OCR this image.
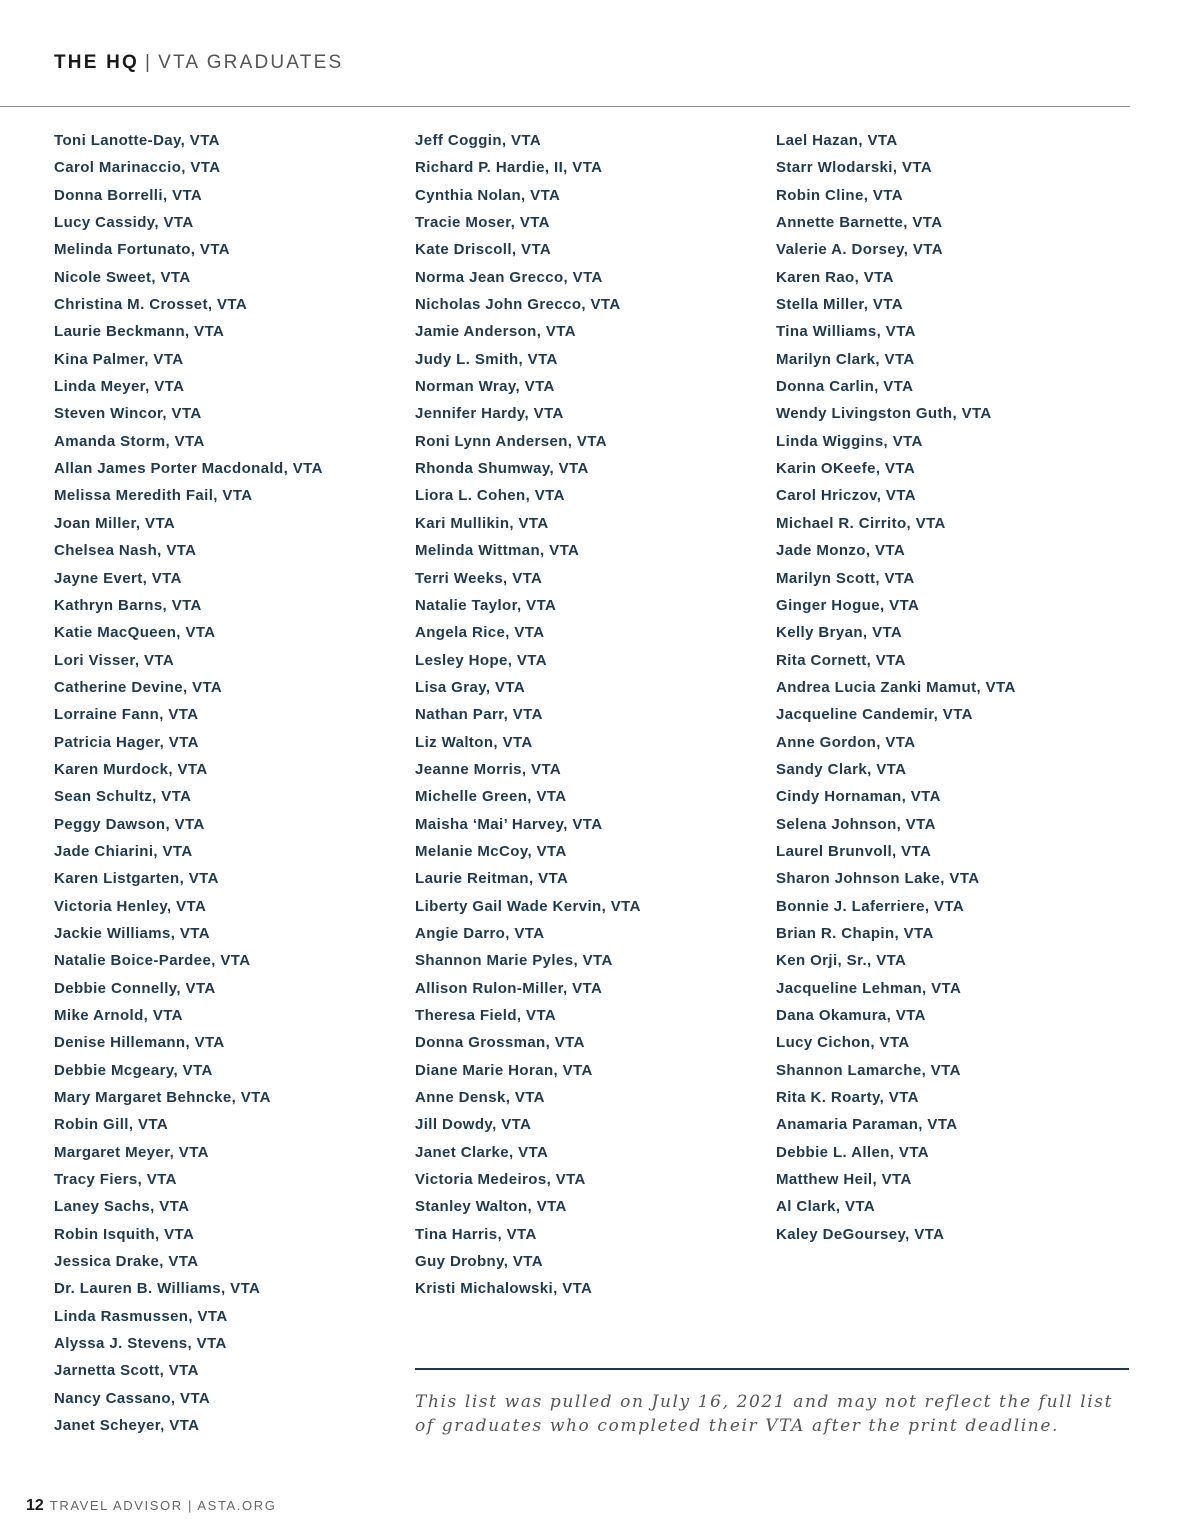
THE HQ | VTA GRADUATES
Toni Lanotte-Day, VTA
Carol Marinaccio, VTA
Donna Borrelli, VTA
Lucy Cassidy, VTA
Melinda Fortunato, VTA
Nicole Sweet, VTA
Christina M. Crosset, VTA
Laurie Beckmann, VTA
Kina Palmer, VTA
Linda Meyer, VTA
Steven Wincor, VTA
Amanda Storm, VTA
Allan James Porter Macdonald, VTA
Melissa Meredith Fail, VTA
Joan Miller, VTA
Chelsea Nash, VTA
Jayne Evert, VTA
Kathryn Barns, VTA
Katie MacQueen, VTA
Lori Visser, VTA
Catherine Devine, VTA
Lorraine Fann, VTA
Patricia Hager, VTA
Karen Murdock, VTA
Sean Schultz, VTA
Peggy Dawson, VTA
Jade Chiarini, VTA
Karen Listgarten, VTA
Victoria Henley, VTA
Jackie Williams, VTA
Natalie Boice-Pardee, VTA
Debbie Connelly, VTA
Mike Arnold, VTA
Denise Hillemann, VTA
Debbie Mcgeary, VTA
Mary Margaret Behncke, VTA
Robin Gill, VTA
Margaret Meyer, VTA
Tracy Fiers, VTA
Laney Sachs, VTA
Robin Isquith, VTA
Jessica Drake, VTA
Dr. Lauren B. Williams, VTA
Linda Rasmussen, VTA
Alyssa J. Stevens, VTA
Jarnetta Scott, VTA
Nancy Cassano, VTA
Janet Scheyer, VTA
Jeff Coggin, VTA
Richard P. Hardie, II, VTA
Cynthia Nolan, VTA
Tracie Moser, VTA
Kate Driscoll, VTA
Norma Jean Grecco, VTA
Nicholas John Grecco, VTA
Jamie Anderson, VTA
Judy L. Smith, VTA
Norman Wray, VTA
Jennifer Hardy, VTA
Roni Lynn Andersen, VTA
Rhonda Shumway, VTA
Liora L. Cohen, VTA
Kari Mullikin, VTA
Melinda Wittman, VTA
Terri Weeks, VTA
Natalie Taylor, VTA
Angela Rice, VTA
Lesley Hope, VTA
Lisa Gray, VTA
Nathan Parr, VTA
Liz Walton, VTA
Jeanne Morris, VTA
Michelle Green, VTA
Maisha ‘Mai’ Harvey, VTA
Melanie McCoy, VTA
Laurie Reitman, VTA
Liberty Gail Wade Kervin, VTA
Angie Darro, VTA
Shannon Marie Pyles, VTA
Allison Rulon-Miller, VTA
Theresa Field, VTA
Donna Grossman, VTA
Diane Marie Horan, VTA
Anne Densk, VTA
Jill Dowdy, VTA
Janet Clarke, VTA
Victoria Medeiros, VTA
Stanley Walton, VTA
Tina Harris, VTA
Guy Drobny, VTA
Kristi Michalowski, VTA
Lael Hazan, VTA
Starr Wlodarski, VTA
Robin Cline, VTA
Annette Barnette, VTA
Valerie A. Dorsey, VTA
Karen Rao, VTA
Stella Miller, VTA
Tina Williams, VTA
Marilyn Clark, VTA
Donna Carlin, VTA
Wendy Livingston Guth, VTA
Linda Wiggins, VTA
Karin OKeefe, VTA
Carol Hriczov, VTA
Michael R. Cirrito, VTA
Jade Monzo, VTA
Marilyn Scott, VTA
Ginger Hogue, VTA
Kelly Bryan, VTA
Rita Cornett, VTA
Andrea Lucia Zanki Mamut, VTA
Jacqueline Candemir, VTA
Anne Gordon, VTA
Sandy Clark, VTA
Cindy Hornaman, VTA
Selena Johnson, VTA
Laurel Brunvoll, VTA
Sharon Johnson Lake, VTA
Bonnie J. Laferriere, VTA
Brian R. Chapin, VTA
Ken Orji, Sr., VTA
Jacqueline Lehman, VTA
Dana Okamura, VTA
Lucy Cichon, VTA
Shannon Lamarche, VTA
Rita K. Roarty, VTA
Anamaria Paraman, VTA
Debbie L. Allen, VTA
Matthew Heil, VTA
Al Clark, VTA
Kaley DeGoursey, VTA
This list was pulled on July 16, 2021 and may not reflect the full list of graduates who completed their VTA after the print deadline.
12 TRAVEL ADVISOR | ASTA.ORG
